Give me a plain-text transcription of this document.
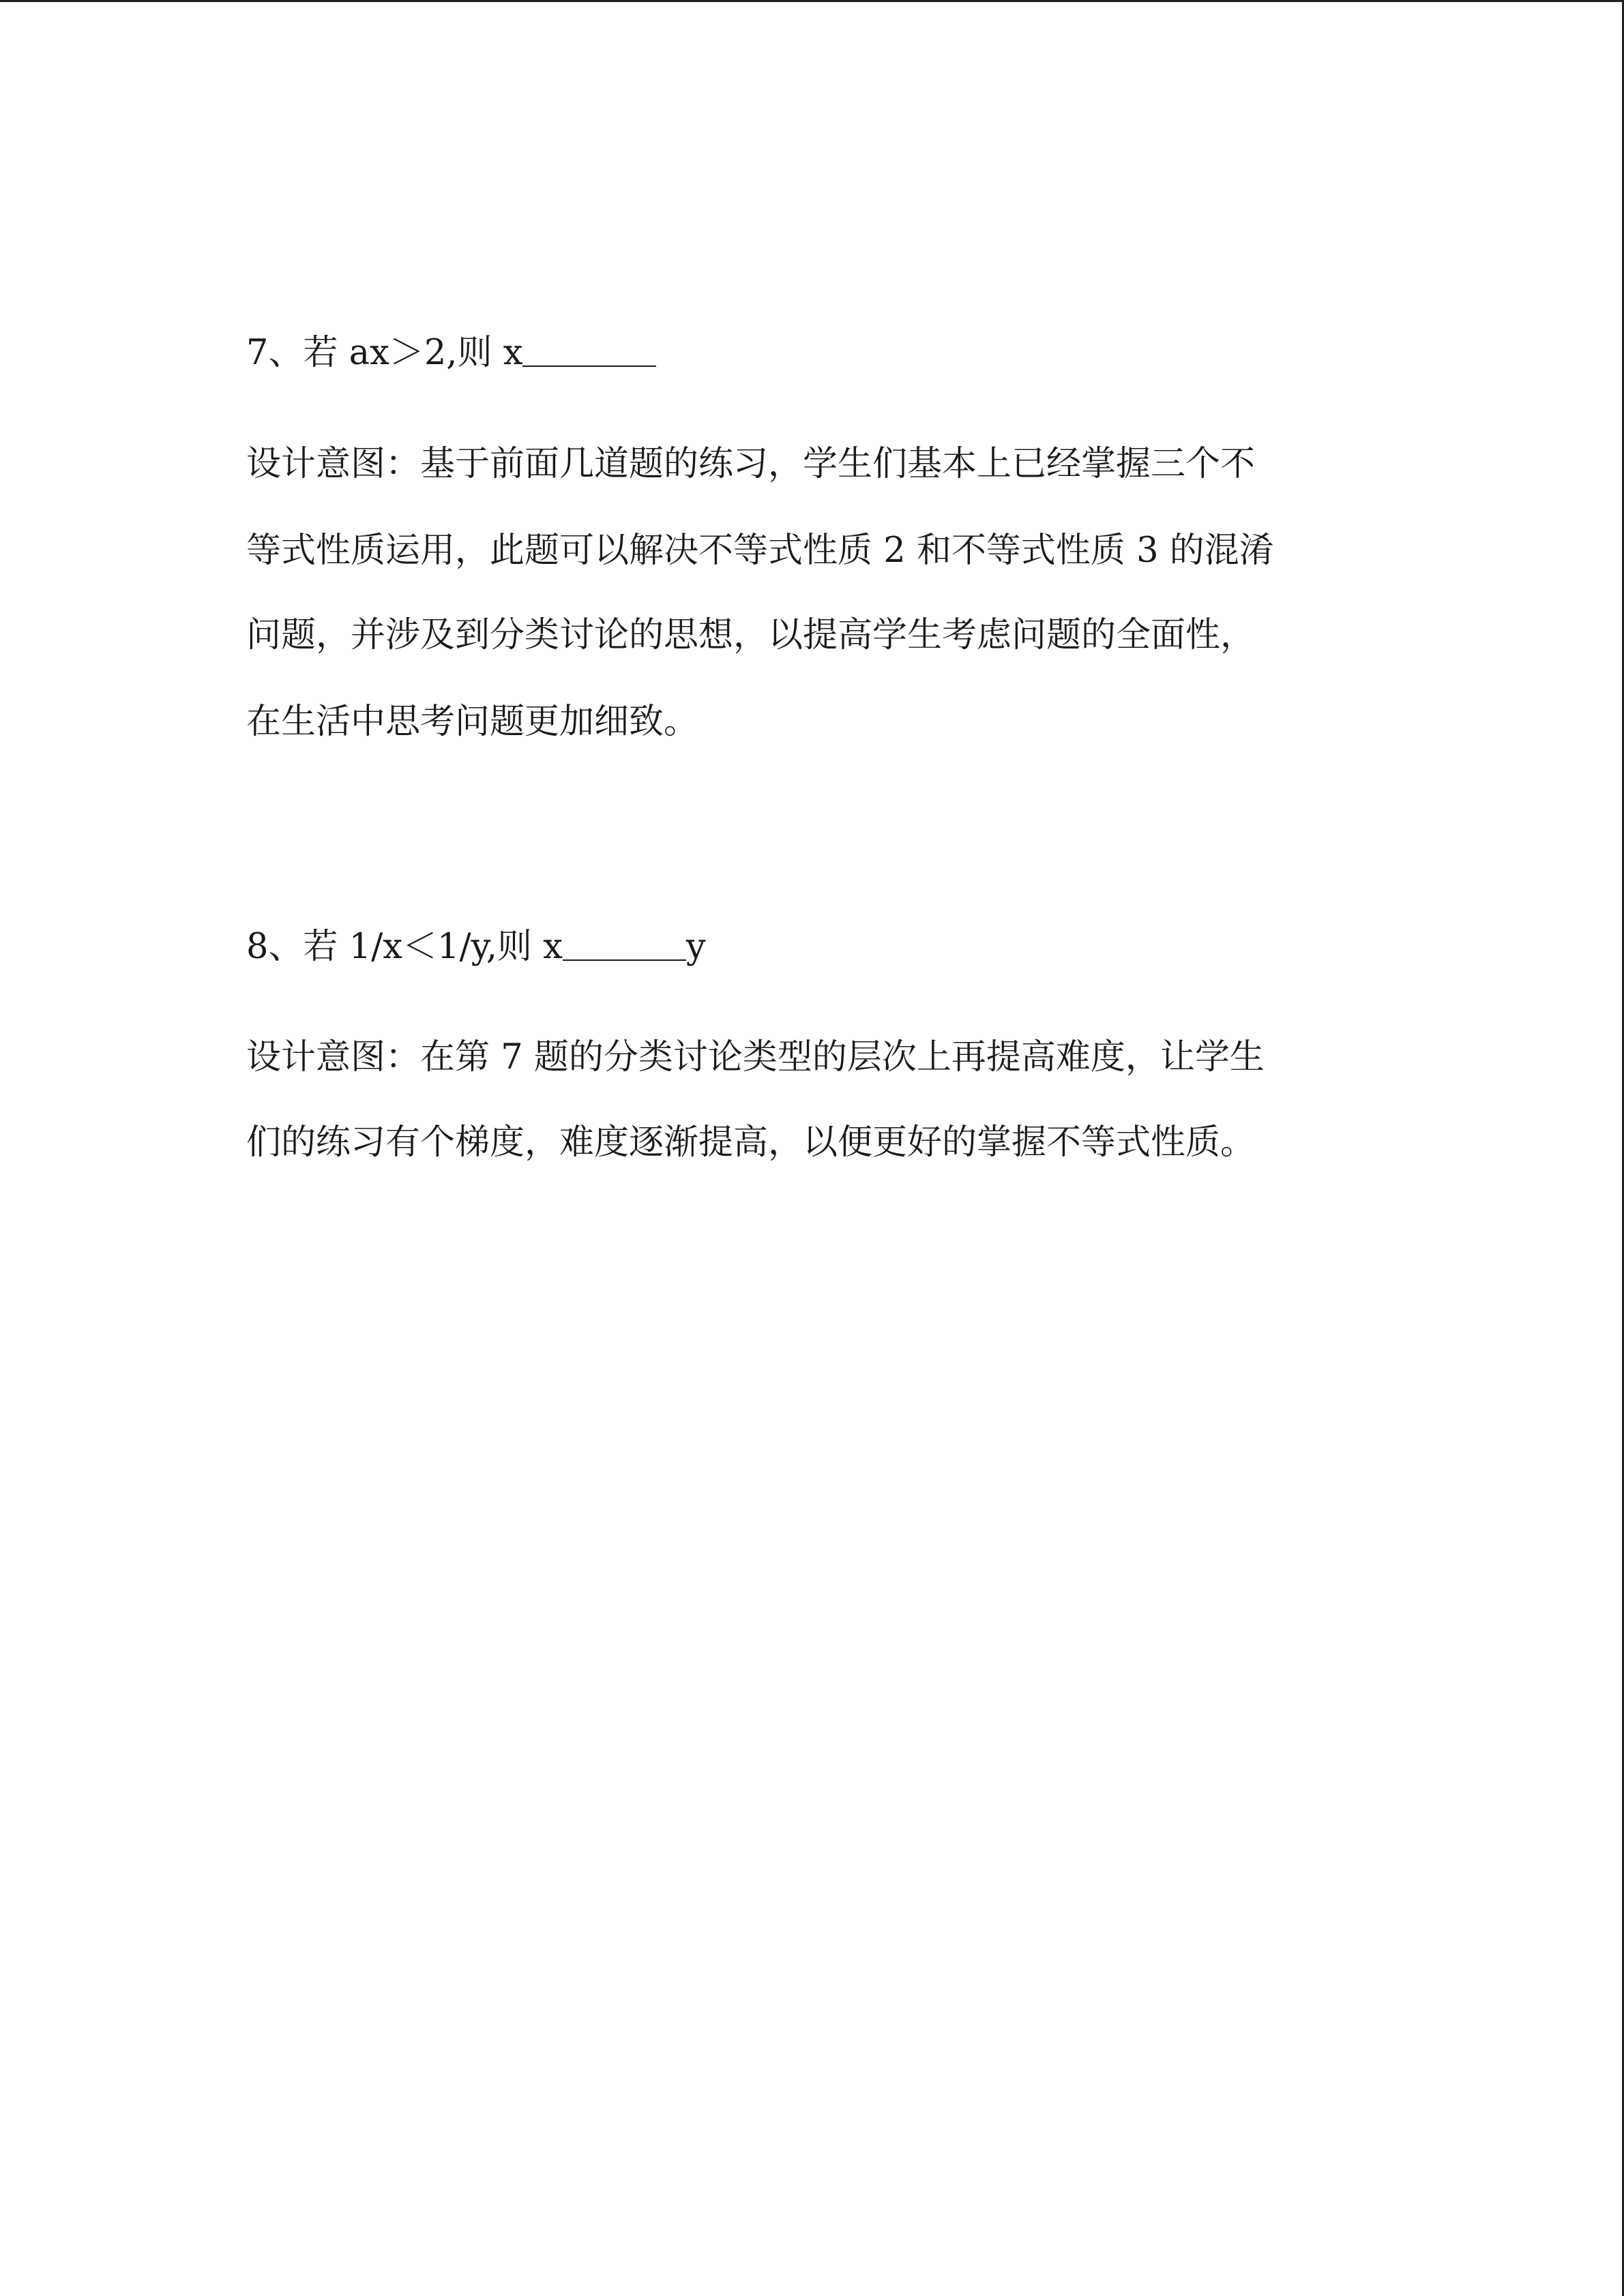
7、若 ax＞2,则 x
设计意图：基于前面几道题的练习，学生们基本上已经掌握三个不
等式性质运用，此题可以解决不等式性质 2 和不等式性质 3 的混淆
问题，并涉及到分类讨论的思想，以提高学生考虑问题的全面性，
在生活中思考问题更加细致。
8、若 1/x＜1/y,则 x	y
设计意图：在第 7 题的分类讨论类型的层次上再提高难度，让学生
们的练习有个梯度，难度逐渐提高，以便更好的掌握不等式性质。
